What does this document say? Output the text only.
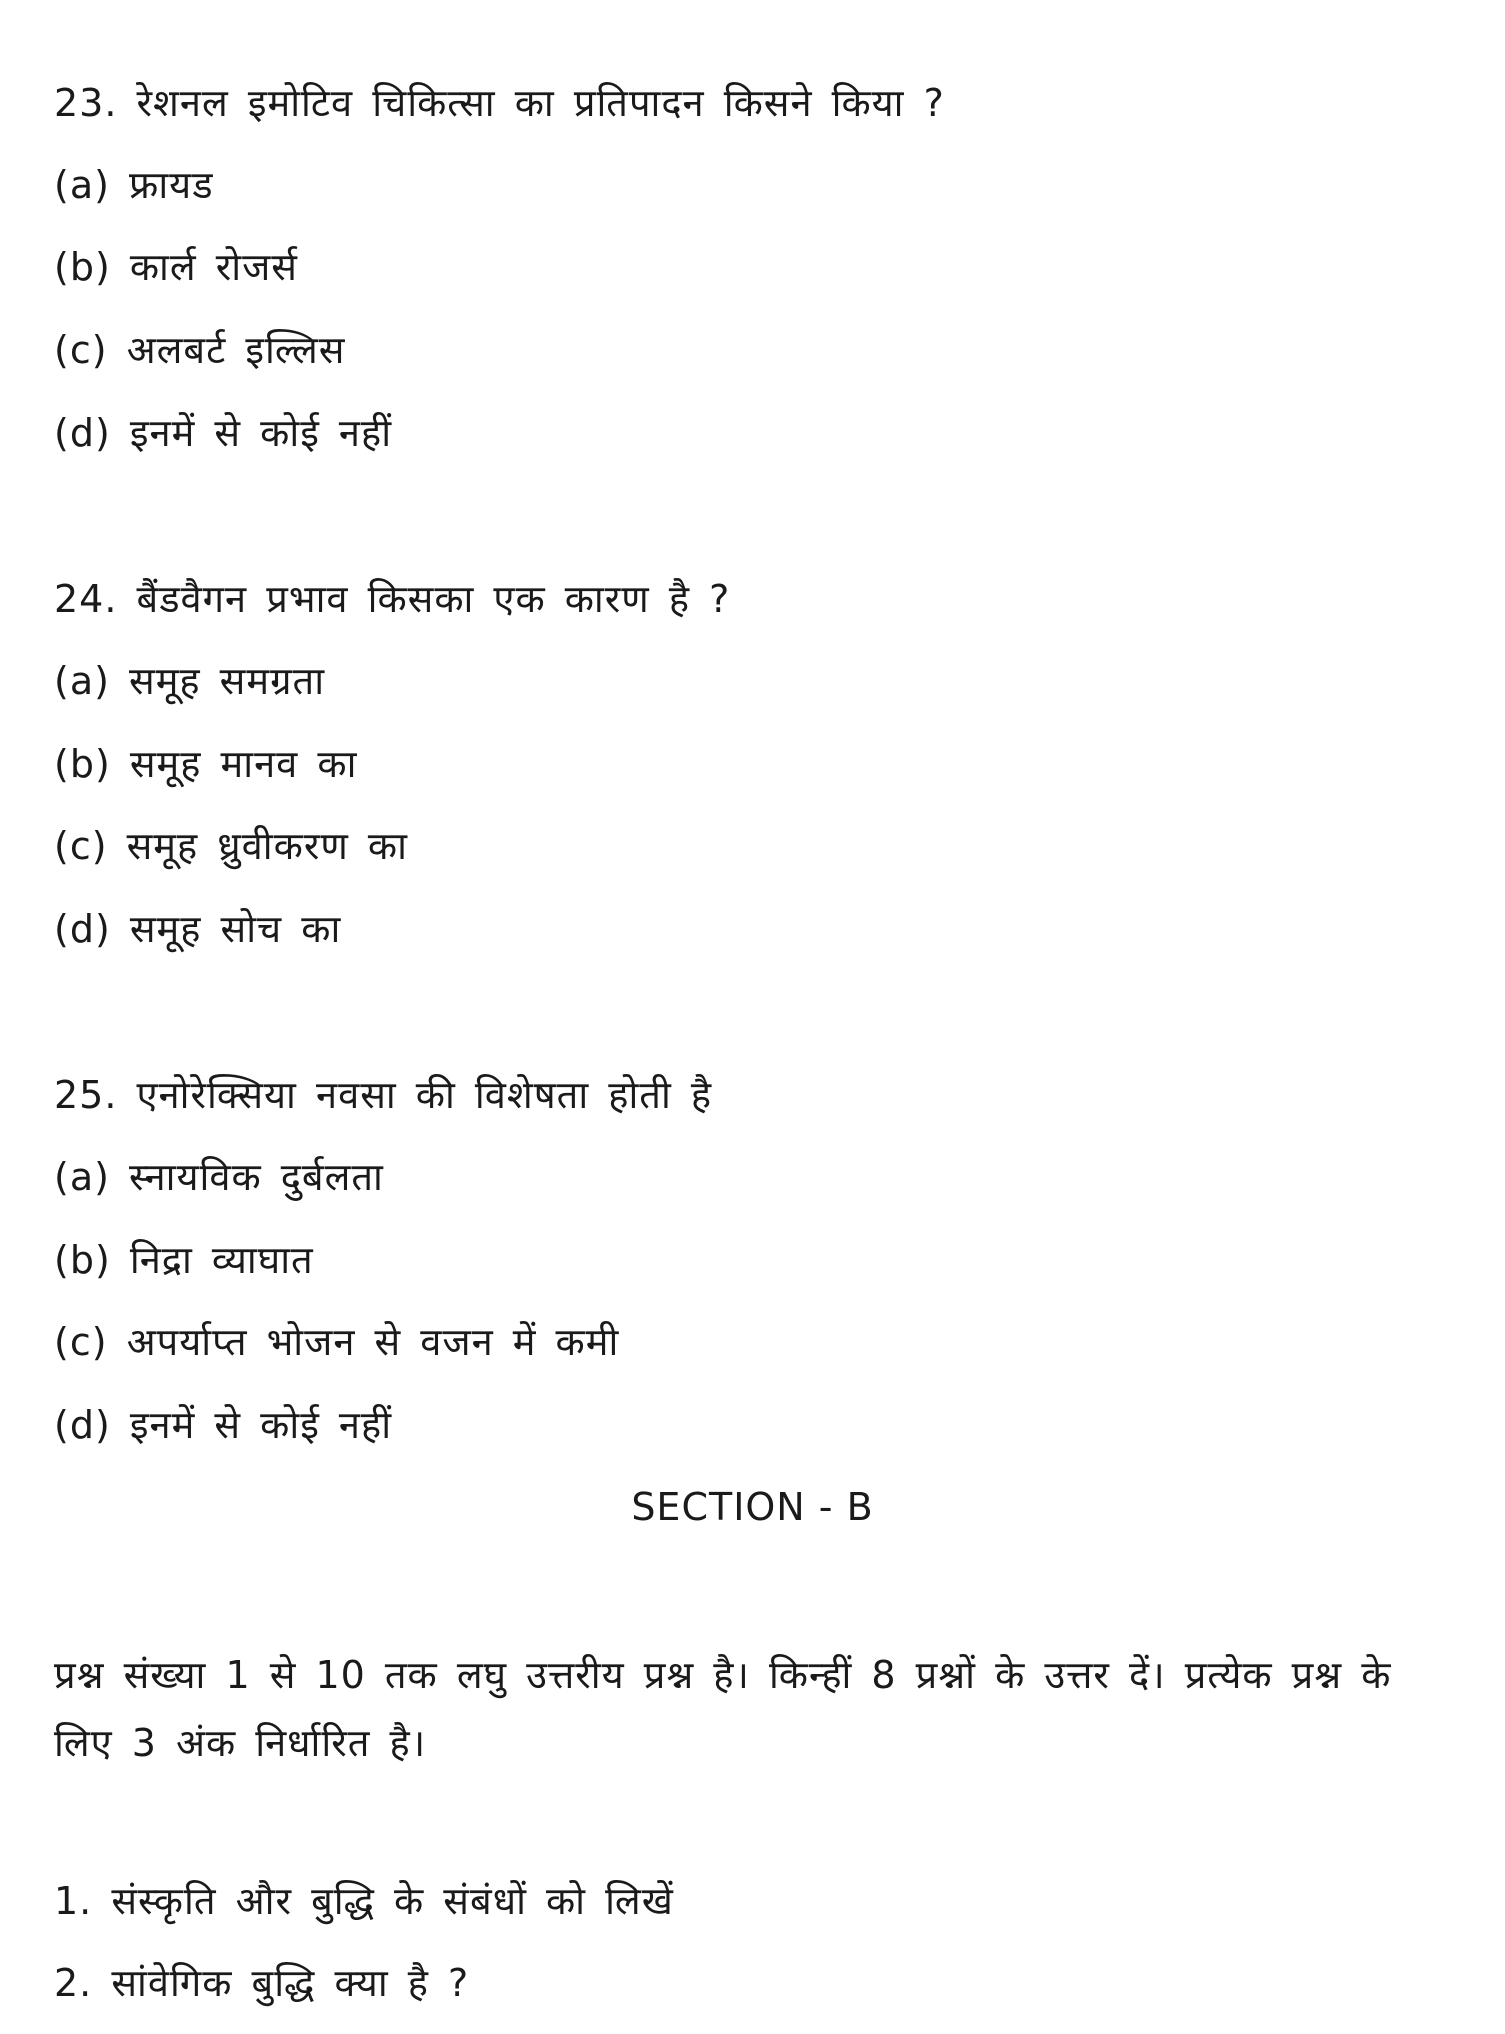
23. रेशनल इमोटिव चिकित्सा का प्रतिपादन किसने किया ?
(a) फ्रायड
(b) कार्ल रोजर्स
(c) अलबर्ट इल्लिस
(d) इनमें से कोई नहीं
24. बैंडवैगन प्रभाव किसका एक कारण है ?
(a) समूह समग्रता
(b) समूह मानव का
(c) समूह ध्रुवीकरण का
(d) समूह सोच का
25. एनोरेक्सिया नवसा की विशेषता होती है
(a) स्नायविक दुर्बलता
(b) निद्रा व्याघात
(c) अपर्याप्त भोजन से वजन में कमी
(d) इनमें से कोई नहीं
SECTION - B
प्रश्न संख्या 1 से 10 तक लघु उत्तरीय प्रश्न है। किन्हीं 8 प्रश्नों के उत्तर दें। प्रत्येक प्रश्न के लिए 3 अंक निर्धारित है।
1. संस्कृति और बुद्धि के संबंधों को लिखें
2. सांवेगिक बुद्धि क्या है ?
